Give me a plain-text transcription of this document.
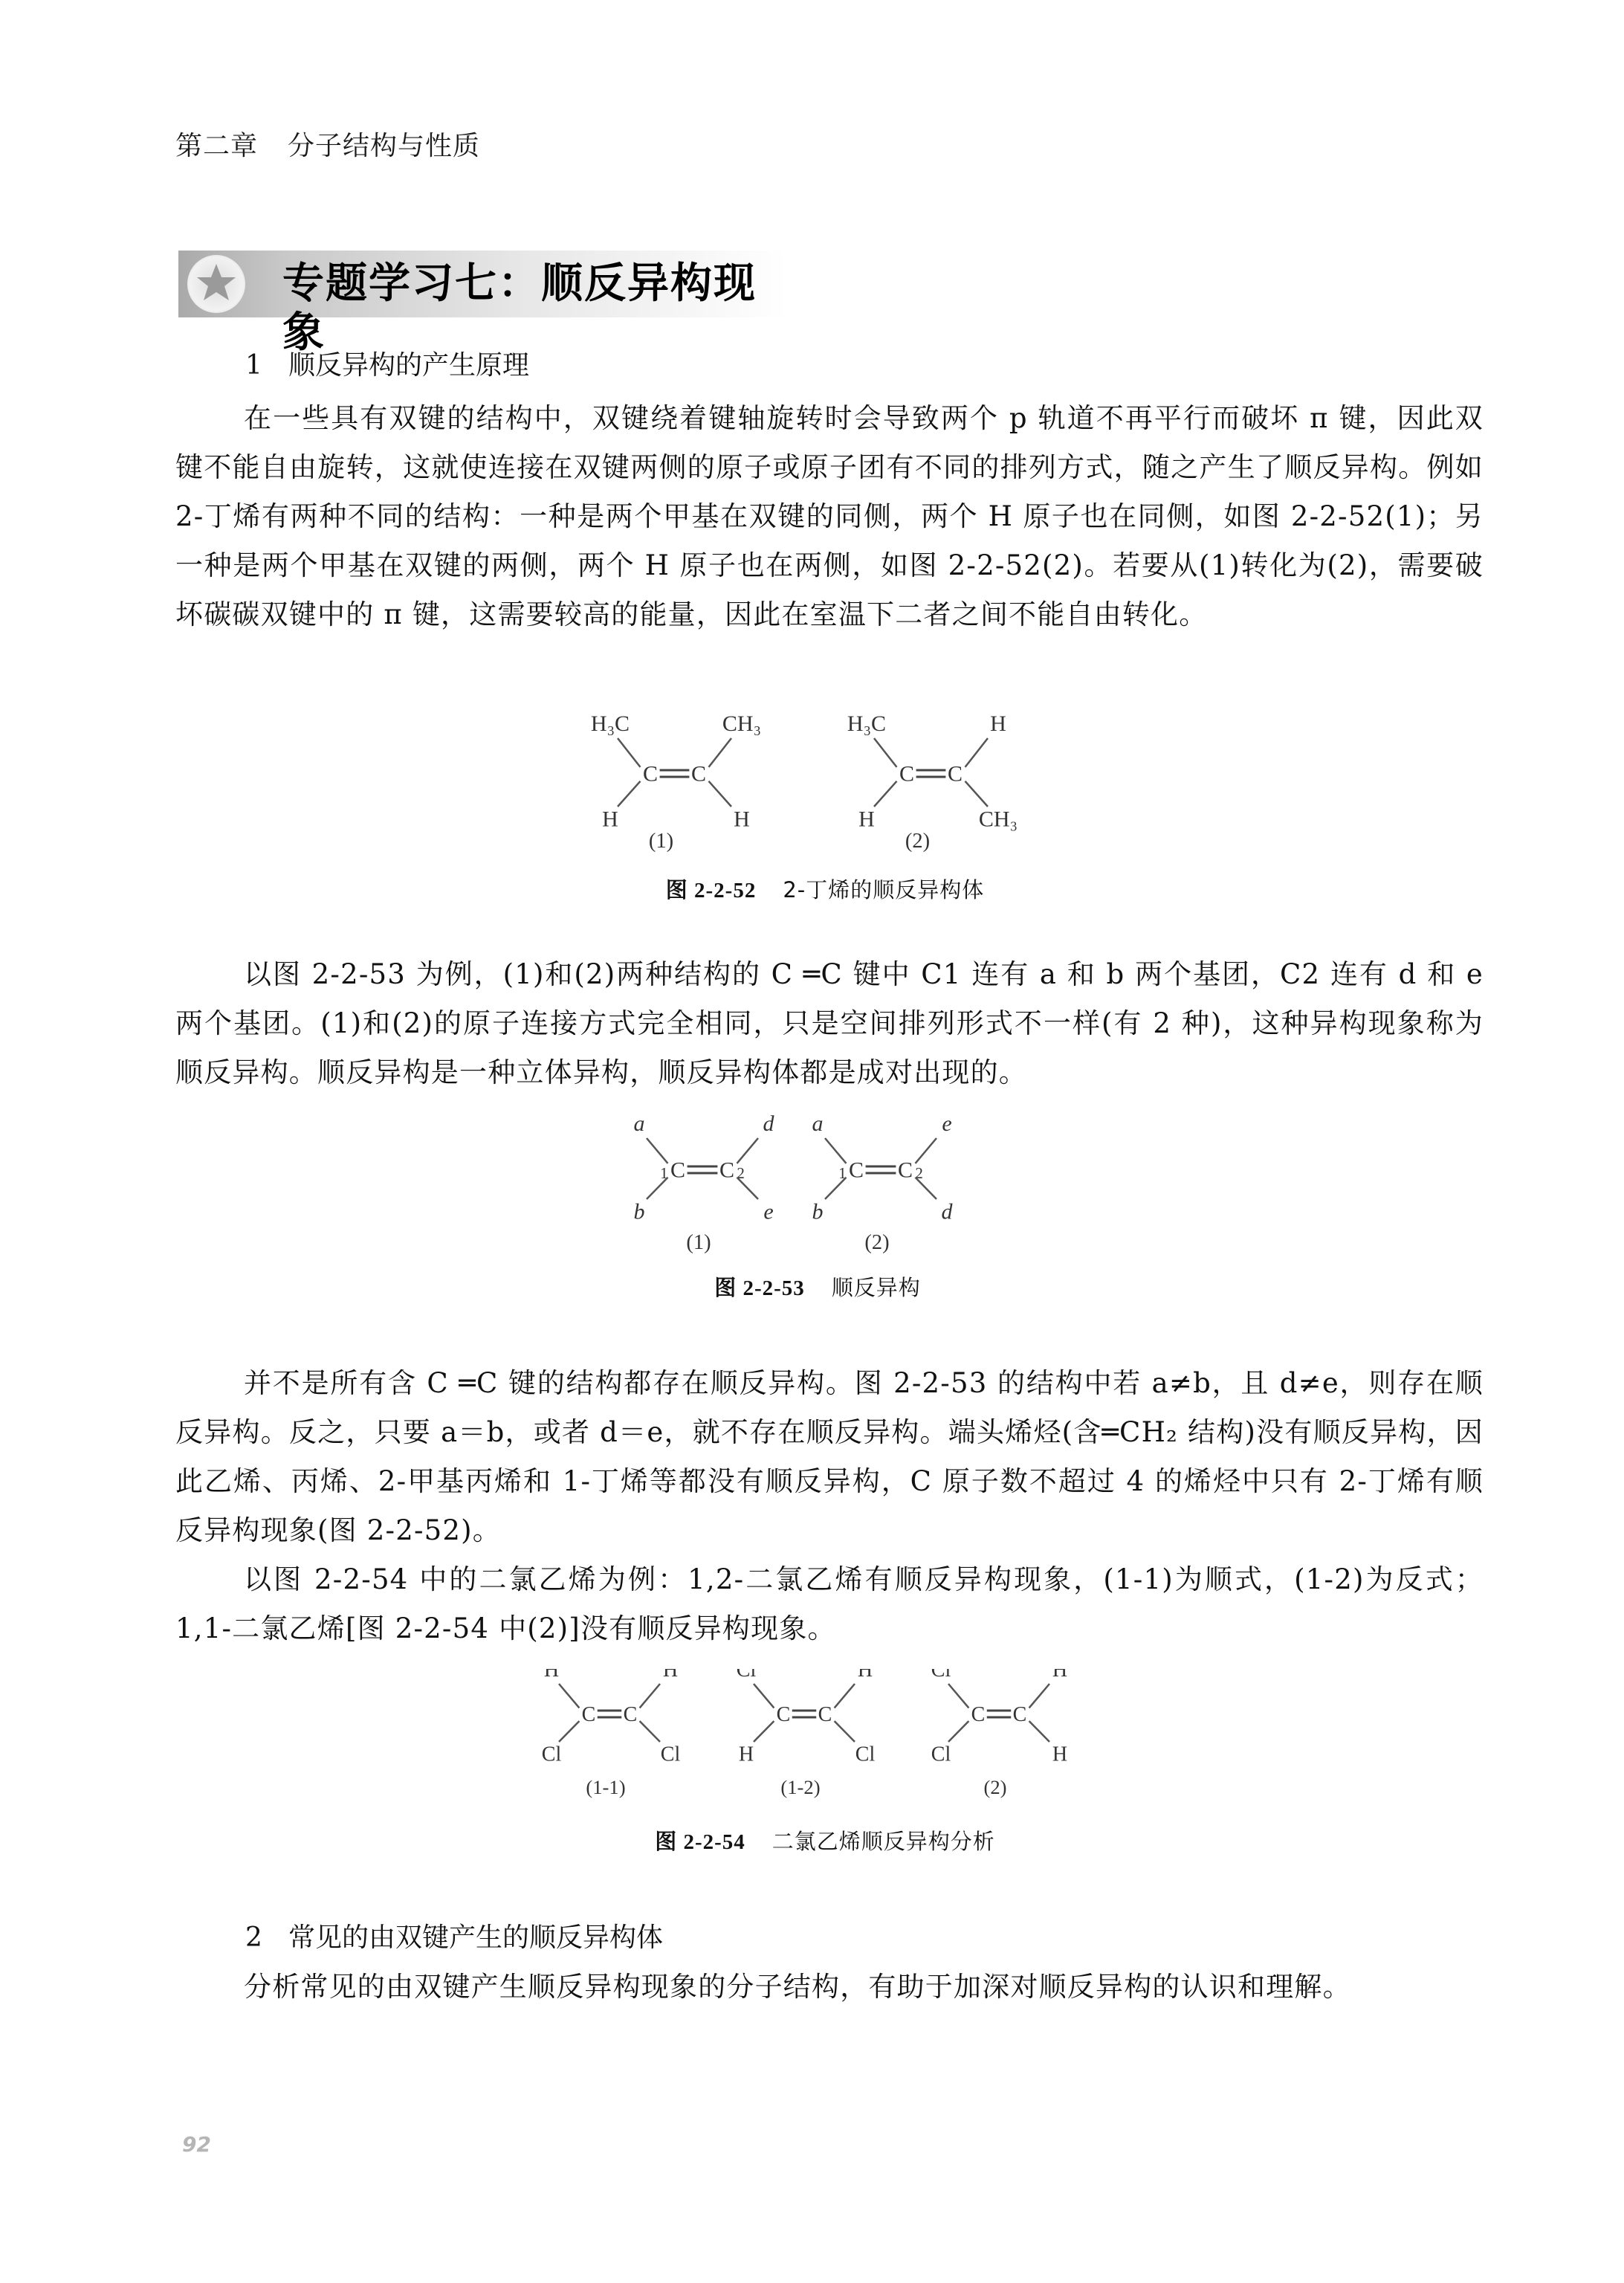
第二章 分子结构与性质
专题学习七：顺反异构现象
1 顺反异构的产生原理
在一些具有双键的结构中，双键绕着键轴旋转时会导致两个 p 轨道不再平行而破坏 π 键，因此双键不能自由旋转，这就使连接在双键两侧的原子或原子团有不同的排列方式，随之产生了顺反异构。例如 2-丁烯有两种不同的结构：一种是两个甲基在双键的同侧，两个 H 原子也在同侧，如图 2-2-52(1)；另一种是两个甲基在双键的两侧，两个 H 原子也在两侧，如图 2-2-52(2)。若要从(1)转化为(2)，需要破坏碳碳双键中的 π 键，这需要较高的能量，因此在室温下二者之间不能自由转化。
C C
H₃C
H
CH₃
H
(1)
C C
H₃C
H
H
CH₃
(2)
图 2-2-52 2-丁烯的顺反异构体
以图 2-2-53 为例，(1)和(2)两种结构的 C ═C 键中 C1 连有 a 和 b 两个基团，C2 连有 d 和 e 两个基团。(1)和(2)的原子连接方式完全相同，只是空间排列形式不一样(有 2 种)，这种异构现象称为顺反异构。顺反异构是一种立体异构，顺反异构体都是成对出现的。
C C
1	2
a
b
d
e
(1)
C C
1	2
a
b
e
d
(2)
图 2-2-53 顺反异构
并不是所有含 C ═C 键的结构都存在顺反异构。图 2-2-53 的结构中若 a≠b，且 d≠e，则存在顺反异构。反之，只要 a＝b，或者 d＝e，就不存在顺反异构。端头烯烃(含═CH₂ 结构)没有顺反异构，因此乙烯、丙烯、2-甲基丙烯和 1-丁烯等都没有顺反异构，C 原子数不超过 4 的烯烃中只有 2-丁烯有顺反异构现象(图 2-2-52)。
以图 2-2-54 中的二氯乙烯为例：1,2-二氯乙烯有顺反异构现象，(1-1)为顺式，(1-2)为反式；1,1-二氯乙烯[图 2-2-54 中(2)]没有顺反异构现象。
C C
H
Cl
H
Cl
(1-1)
C C
Cl
H
H
Cl
(1-2)
C C
Cl
Cl
H
H
(2)
图 2-2-54 二氯乙烯顺反异构分析
2 常见的由双键产生的顺反异构体
分析常见的由双键产生顺反异构现象的分子结构，有助于加深对顺反异构的认识和理解。
92
